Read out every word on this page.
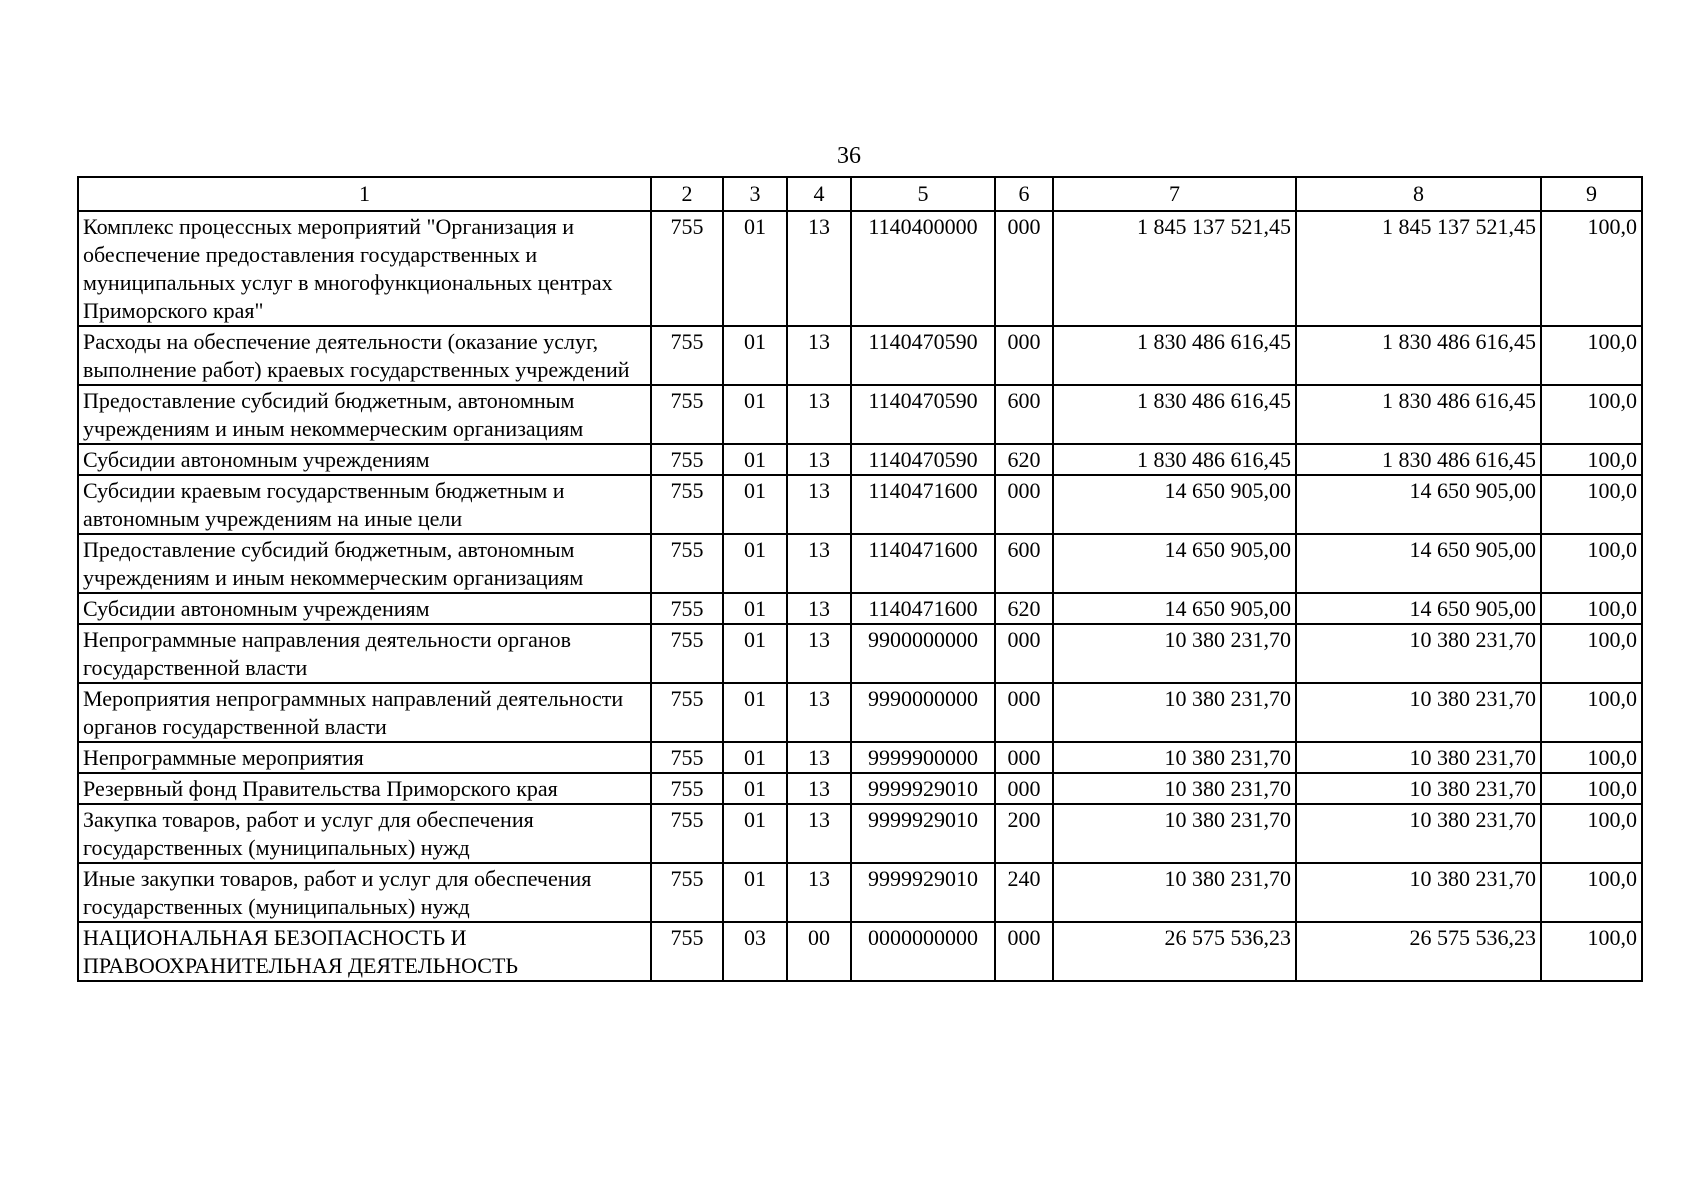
36
1	2	3	4	5	6	7	8	9
Комплекс процессных мероприятий "Организация и обеспечение предоставления государственных и муниципальных услуг в многофункциональных центрах Приморского края"	755	01	13	1140400000	000	1 845 137 521,45	1 845 137 521,45	100,0
Расходы на обеспечение деятельности (оказание услуг, выполнение работ) краевых государственных учреждений	755	01	13	1140470590	000	1 830 486 616,45	1 830 486 616,45	100,0
Предоставление субсидий бюджетным, автономным учреждениям и иным некоммерческим организациям	755	01	13	1140470590	600	1 830 486 616,45	1 830 486 616,45	100,0
Субсидии автономным учреждениям	755	01	13	1140470590	620	1 830 486 616,45	1 830 486 616,45	100,0
Субсидии краевым государственным бюджетным и автономным учреждениям на иные цели	755	01	13	1140471600	000	14 650 905,00	14 650 905,00	100,0
Предоставление субсидий бюджетным, автономным учреждениям и иным некоммерческим организациям	755	01	13	1140471600	600	14 650 905,00	14 650 905,00	100,0
Субсидии автономным учреждениям	755	01	13	1140471600	620	14 650 905,00	14 650 905,00	100,0
Непрограммные направления деятельности органов государственной власти	755	01	13	9900000000	000	10 380 231,70	10 380 231,70	100,0
Мероприятия непрограммных направлений деятельности органов государственной власти	755	01	13	9990000000	000	10 380 231,70	10 380 231,70	100,0
Непрограммные мероприятия	755	01	13	9999900000	000	10 380 231,70	10 380 231,70	100,0
Резервный фонд Правительства Приморского края	755	01	13	9999929010	000	10 380 231,70	10 380 231,70	100,0
Закупка товаров, работ и услуг для обеспечения государственных (муниципальных) нужд	755	01	13	9999929010	200	10 380 231,70	10 380 231,70	100,0
Иные закупки товаров, работ и услуг для обеспечения государственных (муниципальных) нужд	755	01	13	9999929010	240	10 380 231,70	10 380 231,70	100,0
НАЦИОНАЛЬНАЯ БЕЗОПАСНОСТЬ И ПРАВООХРАНИТЕЛЬНАЯ ДЕЯТЕЛЬНОСТЬ	755	03	00	0000000000	000	26 575 536,23	26 575 536,23	100,0
